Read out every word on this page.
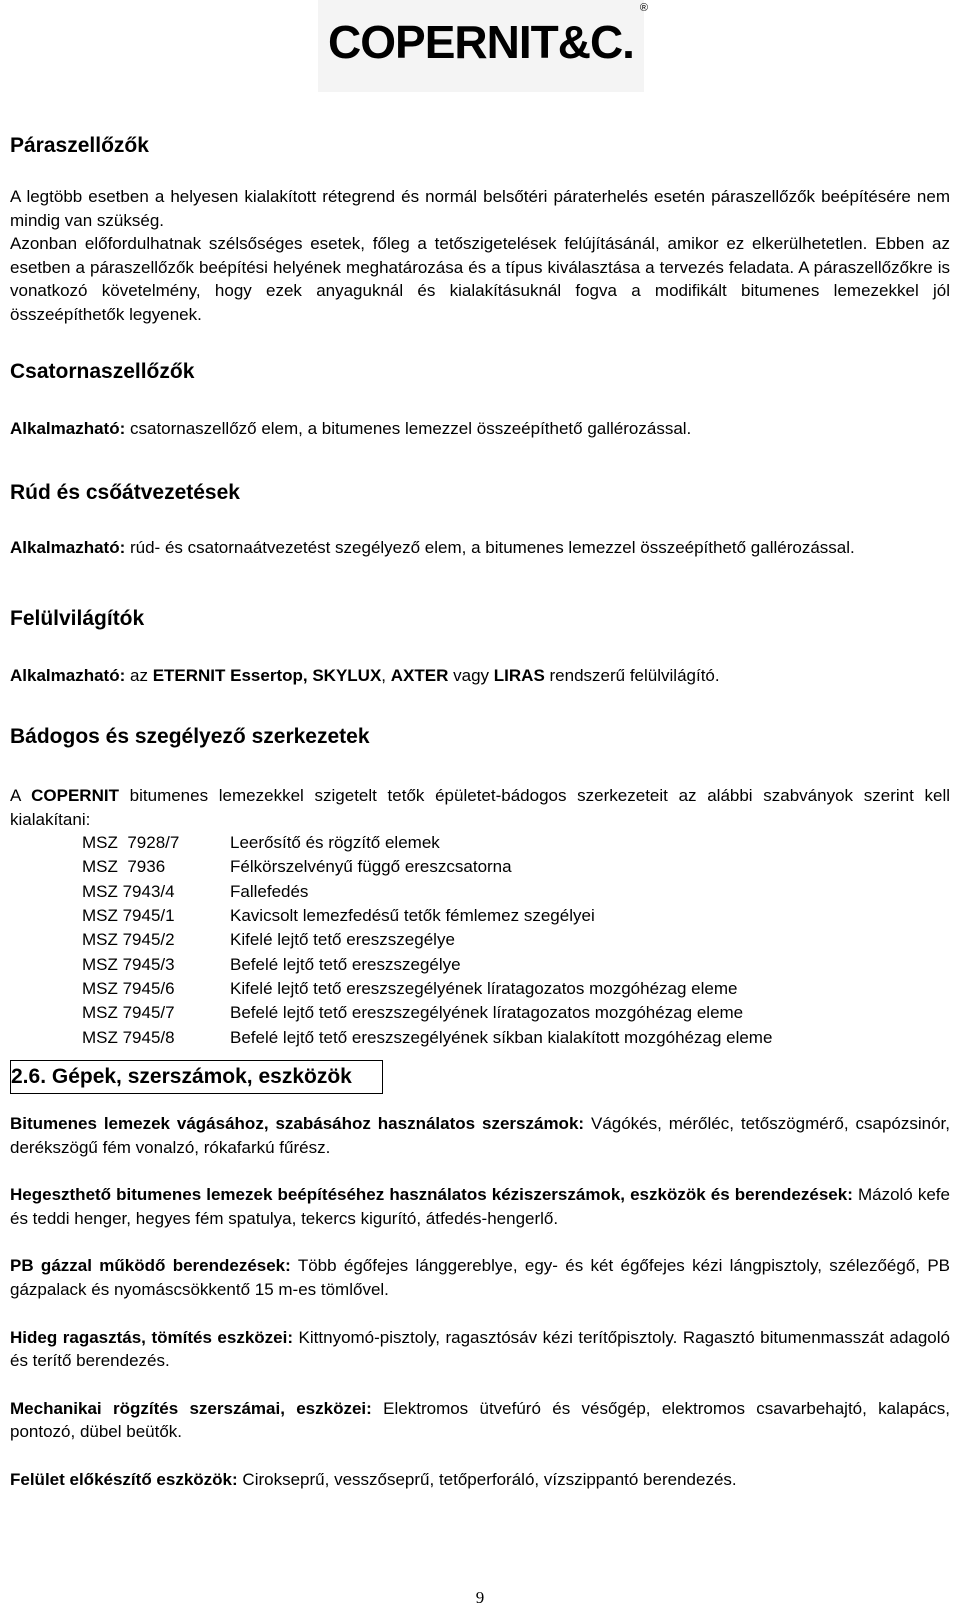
COPERNIT&C.
®
Páraszellőzők

A legtöbb esetben a helyesen kialakított rétegrend és normál belsőtéri páraterhelés esetén páraszellőzők beépítésére nem mindig van szükség.

Azonban előfordulhatnak szélsőséges esetek, főleg a tetőszigetelések felújításánál, amikor ez elkerülhetetlen. Ebben az esetben a páraszellőzők beépítési helyének meghatározása és a típus kiválasztása a tervezés feladata. A páraszellőzőkre is vonatkozó követelmény, hogy ezek anyaguknál és kialakításuknál fogva a modifikált bitumenes lemezekkel jól összeépíthetők legyenek.

Csatornaszellőzők

Alkalmazható: csatornaszellőző elem, a bitumenes lemezzel összeépíthető gallérozással.

Rúd és csőátvezetések

Alkalmazható: rúd- és csatornaátvezetést szegélyező elem, a bitumenes lemezzel összeépíthető gallérozással.

Felülvilágítók

Alkalmazható: az ETERNIT Essertop, SKYLUX, AXTER vagy LIRAS rendszerű felülvilágító.

Bádogos és szegélyező szerkezetek

A COPERNIT bitumenes lemezekkel szigetelt tetők épületet-bádogos szerkezeteit az alábbi szabványok szerint kell kialakítani:

MSZ  7928/7	Leerősítő és rögzítő elemek
MSZ  7936	Félkörszelvényű függő ereszcsatorna
MSZ 7943/4	Fallefedés
MSZ 7945/1	Kavicsolt lemezfedésű tetők fémlemez szegélyei
MSZ 7945/2	Kifelé lejtő tető ereszszegélye
MSZ 7945/3	Befelé lejtő tető ereszszegélye
MSZ 7945/6	Kifelé lejtő tető ereszszegélyének líratagozatos mozgóhézag eleme
MSZ 7945/7	Befelé lejtő tető ereszszegélyének líratagozatos mozgóhézag eleme
MSZ 7945/8	Befelé lejtő tető ereszszegélyének síkban kialakított mozgóhézag eleme
2.6. Gépek, szerszámok, eszközök

Bitumenes lemezek vágásához, szabásához használatos szerszámok: Vágókés, mérőléc, tetőszögmérő, csapózsinór, derékszögű fém vonalzó, rókafarkú fűrész.

Hegeszthető bitumenes lemezek beépítéséhez használatos kéziszerszámok, eszközök és berendezések: Mázoló kefe és teddi henger, hegyes fém spatulya, tekercs kigurító, átfedés-hengerlő.

PB gázzal működő berendezések: Több égőfejes lánggereblye, egy- és két égőfejes kézi lángpisztoly, szélezőégő, PB gázpalack és nyomáscsökkentő 15 m-es tömlővel.

Hideg ragasztás, tömítés eszközei: Kittnyomó-pisztoly, ragasztósáv kézi terítőpisztoly. Ragasztó bitumenmasszát adagoló és terítő berendezés.

Mechanikai rögzítés szerszámai, eszközei: Elektromos ütvefúró és vésőgép, elektromos csavarbehajtó, kalapács, pontozó, dübel beütők.

Felület előkészítő eszközök: Cirokseprű, vesszőseprű, tetőperforáló, vízszippantó berendezés.

9
